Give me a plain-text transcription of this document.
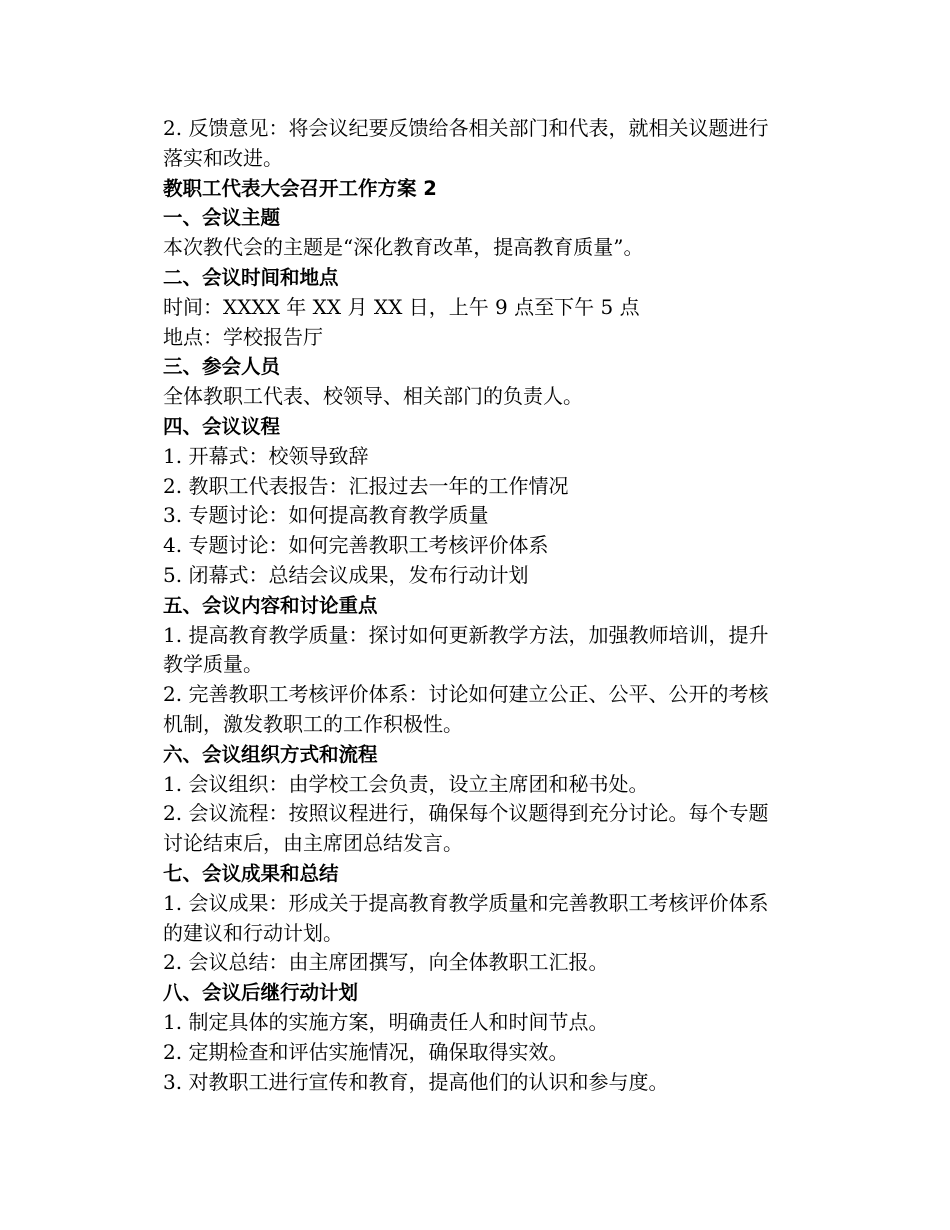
2. 反馈意见：将会议纪要反馈给各相关部门和代表，就相关议题进行落实和改进。

教职工代表大会召开工作方案 2

一、会议主题

本次教代会的主题是“深化教育改革，提高教育质量”。

二、会议时间和地点

时间：XXXX 年 XX 月 XX 日，上午 9 点至下午 5 点

地点：学校报告厅

三、参会人员

全体教职工代表、校领导、相关部门的负责人。

四、会议议程

1. 开幕式：校领导致辞

2. 教职工代表报告：汇报过去一年的工作情况

3. 专题讨论：如何提高教育教学质量

4. 专题讨论：如何完善教职工考核评价体系

5. 闭幕式：总结会议成果，发布行动计划

五、会议内容和讨论重点

1. 提高教育教学质量：探讨如何更新教学方法，加强教师培训，提升教学质量。

2. 完善教职工考核评价体系：讨论如何建立公正、公平、公开的考核机制，激发教职工的工作积极性。

六、会议组织方式和流程

1. 会议组织：由学校工会负责，设立主席团和秘书处。

2. 会议流程：按照议程进行，确保每个议题得到充分讨论。每个专题讨论结束后，由主席团总结发言。

七、会议成果和总结

1. 会议成果：形成关于提高教育教学质量和完善教职工考核评价体系的建议和行动计划。

2. 会议总结：由主席团撰写，向全体教职工汇报。

八、会议后继行动计划

1. 制定具体的实施方案，明确责任人和时间节点。

2. 定期检查和评估实施情况，确保取得实效。

3. 对教职工进行宣传和教育，提高他们的认识和参与度。
